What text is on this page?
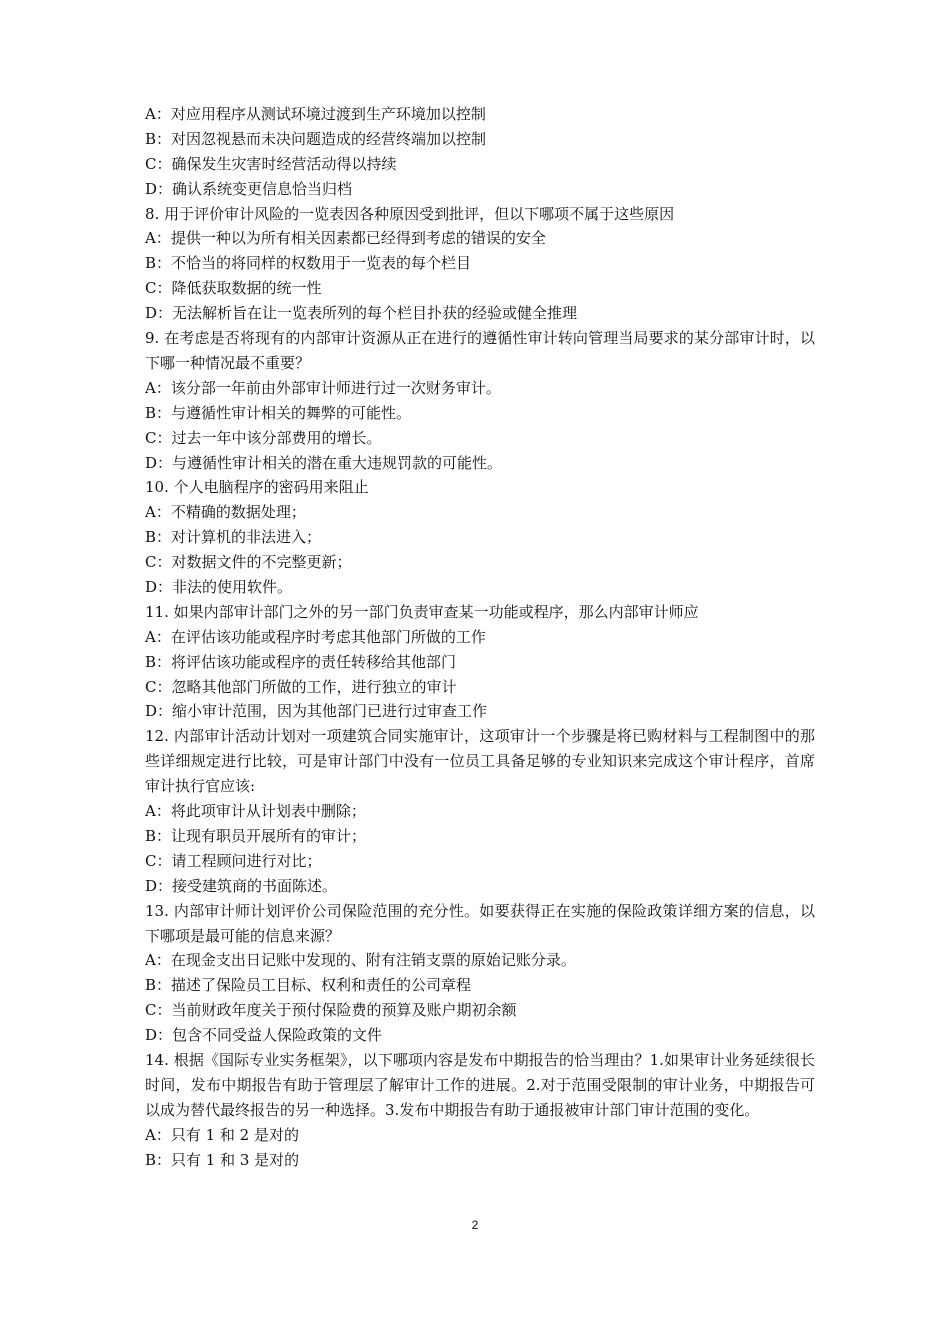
A：对应用程序从测试环境过渡到生产环境加以控制
B：对因忽视悬而未决问题造成的经营终端加以控制
C：确保发生灾害时经营活动得以持续
D：确认系统变更信息恰当归档
8. 用于评价审计风险的一览表因各种原因受到批评，但以下哪项不属于这些原因
A：提供一种以为所有相关因素都已经得到考虑的错误的安全
B：不恰当的将同样的权数用于一览表的每个栏目
C：降低获取数据的统一性
D：无法解析旨在让一览表所列的每个栏目扑获的经验或健全推理
9. 在考虑是否将现有的内部审计资源从正在进行的遵循性审计转向管理当局要求的某分部审计时，以下哪一种情况最不重要？
A：该分部一年前由外部审计师进行过一次财务审计。
B：与遵循性审计相关的舞弊的可能性。
C：过去一年中该分部费用的增长。
D：与遵循性审计相关的潜在重大违规罚款的可能性。
10. 个人电脑程序的密码用来阻止
A：不精确的数据处理；
B：对计算机的非法进入；
C：对数据文件的不完整更新；
D：非法的使用软件。
11. 如果内部审计部门之外的另一部门负责审查某一功能或程序，那么内部审计师应
A：在评估该功能或程序时考虑其他部门所做的工作
B：将评估该功能或程序的责任转移给其他部门
C：忽略其他部门所做的工作，进行独立的审计
D：缩小审计范围，因为其他部门已进行过审查工作
12. 内部审计活动计划对一项建筑合同实施审计，这项审计一个步骤是将已购材料与工程制图中的那些详细规定进行比较，可是审计部门中没有一位员工具备足够的专业知识来完成这个审计程序，首席审计执行官应该:
A：将此项审计从计划表中删除；
B：让现有职员开展所有的审计；
C：请工程顾问进行对比；
D：接受建筑商的书面陈述。
13. 内部审计师计划评价公司保险范围的充分性。如要获得正在实施的保险政策详细方案的信息，以下哪项是最可能的信息来源？
A：在现金支出日记账中发现的、附有注销支票的原始记账分录。
B：描述了保险员工目标、权利和责任的公司章程
C：当前财政年度关于预付保险费的预算及账户期初余额
D：包含不同受益人保险政策的文件
14. 根据《国际专业实务框架》，以下哪项内容是发布中期报告的恰当理由？1.如果审计业务延续很长时间，发布中期报告有助于管理层了解审计工作的进展。2.对于范围受限制的审计业务，中期报告可以成为替代最终报告的另一种选择。3.发布中期报告有助于通报被审计部门审计范围的变化。
A：只有 1 和 2 是对的
B：只有 1 和 3 是对的
2
